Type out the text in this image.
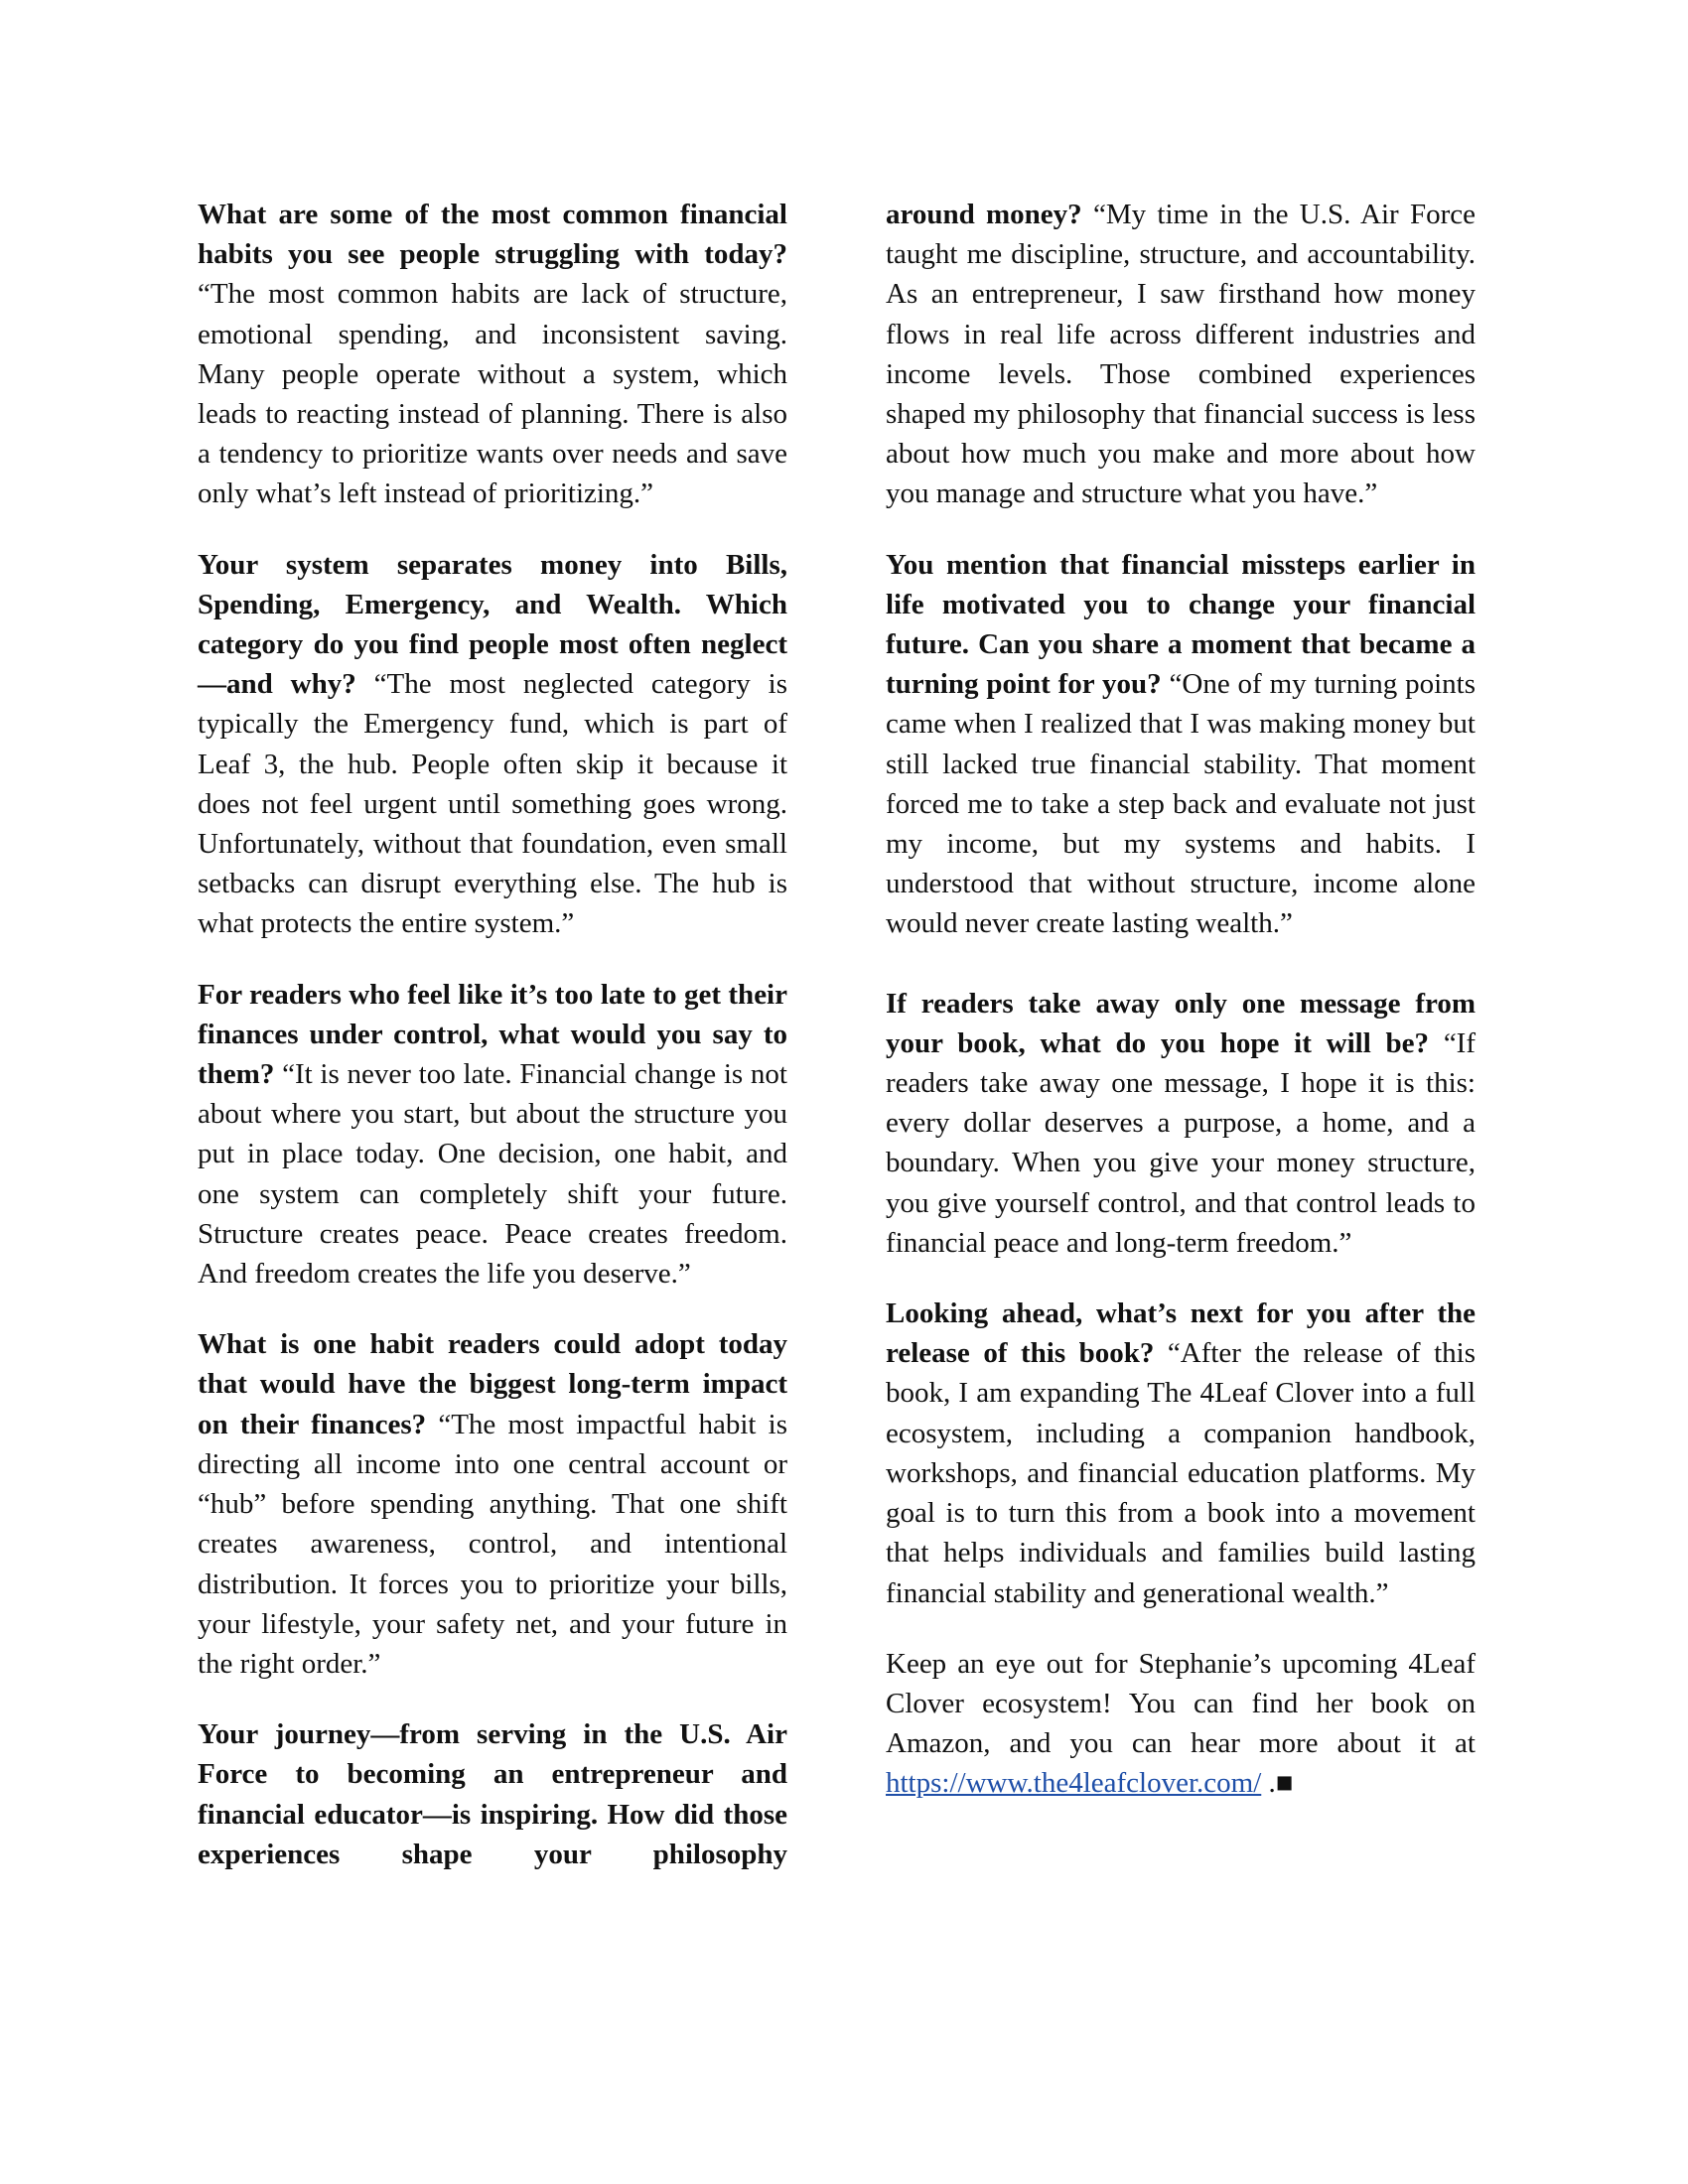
What are some of the most common financial habits you see people struggling with today? “The most common habits are lack of structure, emotional spending, and inconsistent saving. Many people operate without a system, which leads to reacting instead of planning. There is also a tendency to prioritize wants over needs and save only what’s left instead of prioritizing.”

Your system separates money into Bills, Spending, Emergency, and Wealth. Which category do you find people most often neglect—and why? “The most neglected category is typically the Emergency fund, which is part of Leaf 3, the hub. People often skip it because it does not feel urgent until something goes wrong. Unfortunately, without that foundation, even small setbacks can disrupt everything else. The hub is what protects the entire system.”

For readers who feel like it’s too late to get their finances under control, what would you say to them? “It is never too late. Financial change is not about where you start, but about the structure you put in place today. One decision, one habit, and one system can completely shift your future. Structure creates peace. Peace creates freedom. And freedom creates the life you deserve.”

What is one habit readers could adopt today that would have the biggest long-term impact on their finances? “The most impactful habit is directing all income into one central account or “hub” before spending anything. That one shift creates awareness, control, and intentional distribution. It forces you to prioritize your bills, your lifestyle, your safety net, and your future in the right order.”

Your journey—from serving in the U.S. Air Force to becoming an entrepreneur and financial educator—is inspiring. How did those experiences shape your philosophy

around money? “My time in the U.S. Air Force taught me discipline, structure, and accountability. As an entrepreneur, I saw firsthand how money flows in real life across different industries and income levels. Those combined experiences shaped my philosophy that financial success is less about how much you make and more about how you manage and structure what you have.”

You mention that financial missteps earlier in life motivated you to change your financial future. Can you share a moment that became a turning point for you? “One of my turning points came when I realized that I was making money but still lacked true financial stability. That moment forced me to take a step back and evaluate not just my income, but my systems and habits. I understood that without structure, income alone would never create lasting wealth.”

If readers take away only one message from your book, what do you hope it will be? “If readers take away one message, I hope it is this: every dollar deserves a purpose, a home, and a boundary. When you give your money structure, you give yourself control, and that control leads to financial peace and long-term freedom.”

Looking ahead, what’s next for you after the release of this book? “After the release of this book, I am expanding The 4Leaf Clover into a full ecosystem, including a companion handbook, workshops, and financial education platforms. My goal is to turn this from a book into a movement that helps individuals and families build lasting financial stability and generational wealth.”

Keep an eye out for Stephanie’s upcoming 4Leaf Clover ecosystem! You can find her book on Amazon, and you can hear more about it at https://www.the4leafclover.com/ .■
